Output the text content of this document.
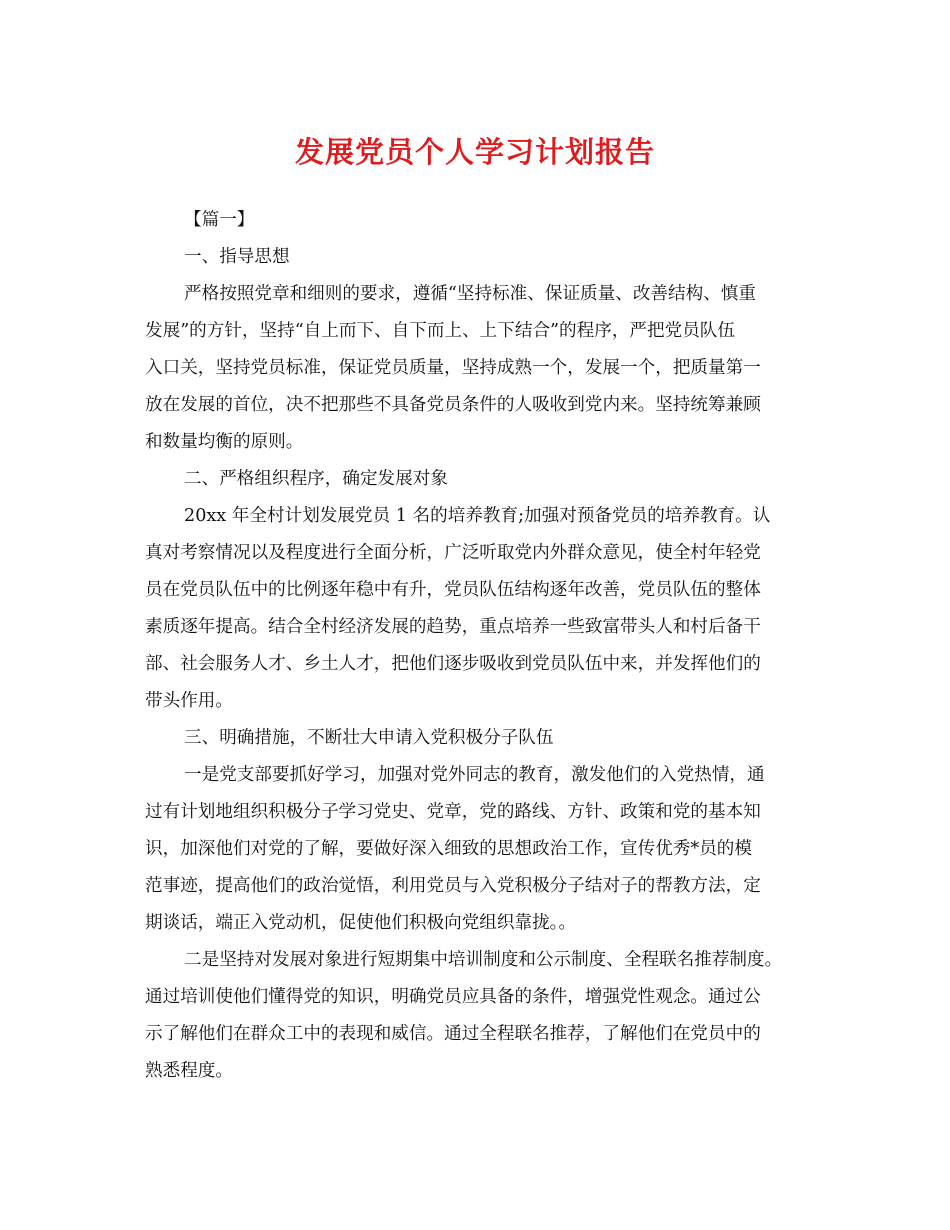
发展党员个人学习计划报告
【篇一】
一、指导思想
严格按照党章和细则的要求，遵循“坚持标准、保证质量、改善结构、慎重
发展”的方针，坚持“自上而下、自下而上、上下结合”的程序，严把党员队伍
入口关，坚持党员标准，保证党员质量，坚持成熟一个，发展一个，把质量第一
放在发展的首位，决不把那些不具备党员条件的人吸收到党内来。坚持统筹兼顾
和数量均衡的原则。
二、严格组织程序，确定发展对象
20xx 年全村计划发展党员 1 名的培养教育;加强对预备党员的培养教育。认
真对考察情况以及程度进行全面分析，广泛听取党内外群众意见，使全村年轻党
员在党员队伍中的比例逐年稳中有升，党员队伍结构逐年改善，党员队伍的整体
素质逐年提高。结合全村经济发展的趋势，重点培养一些致富带头人和村后备干
部、社会服务人才、乡土人才，把他们逐步吸收到党员队伍中来，并发挥他们的
带头作用。
三、明确措施，不断壮大申请入党积极分子队伍
一是党支部要抓好学习，加强对党外同志的教育，激发他们的入党热情，通
过有计划地组织积极分子学习党史、党章，党的路线、方针、政策和党的基本知
识，加深他们对党的了解，要做好深入细致的思想政治工作，宣传优秀*员的模
范事迹，提高他们的政治觉悟，利用党员与入党积极分子结对子的帮教方法，定
期谈话，端正入党动机，促使他们积极向党组织靠拢。。
二是坚持对发展对象进行短期集中培训制度和公示制度、全程联名推荐制度。
通过培训使他们懂得党的知识，明确党员应具备的条件，增强党性观念。通过公
示了解他们在群众工中的表现和威信。通过全程联名推荐，了解他们在党员中的
熟悉程度。
